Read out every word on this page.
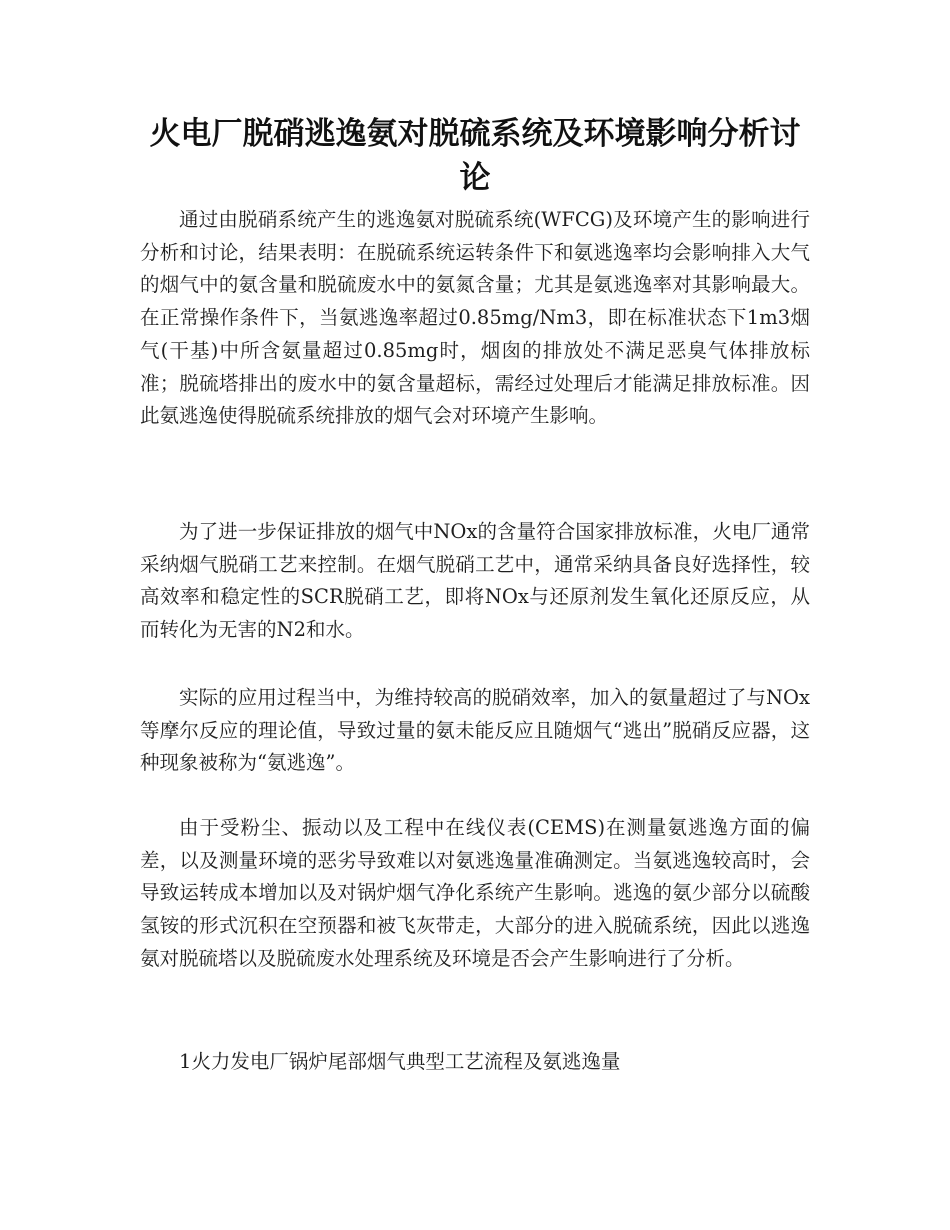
火电厂脱硝逃逸氨对脱硫系统及环境影响分析讨论

通过由脱硝系统产生的逃逸氨对脱硫系统(WFCG)及环境产生的影响进行分析和讨论，结果表明：在脱硫系统运转条件下和氨逃逸率均会影响排入大气的烟气中的氨含量和脱硫废水中的氨氮含量；尤其是氨逃逸率对其影响最大。在正常操作条件下，当氨逃逸率超过0.85mg/Nm3，即在标准状态下1m3烟气(干基)中所含氨量超过0.85mg时，烟囱的排放处不满足恶臭气体排放标准；脱硫塔排出的废水中的氨含量超标，需经过处理后才能满足排放标准。因此氨逃逸使得脱硫系统排放的烟气会对环境产生影响。

为了进一步保证排放的烟气中NOx的含量符合国家排放标准，火电厂通常采纳烟气脱硝工艺来控制。在烟气脱硝工艺中，通常采纳具备良好选择性，较高效率和稳定性的SCR脱硝工艺，即将NOx与还原剂发生氧化还原反应，从而转化为无害的N2和水。

实际的应用过程当中，为维持较高的脱硝效率，加入的氨量超过了与NOx等摩尔反应的理论值，导致过量的氨未能反应且随烟气“逃出”脱硝反应器，这种现象被称为“氨逃逸”。

由于受粉尘、振动以及工程中在线仪表(CEMS)在测量氨逃逸方面的偏差，以及测量环境的恶劣导致难以对氨逃逸量准确测定。当氨逃逸较高时，会导致运转成本增加以及对锅炉烟气净化系统产生影响。逃逸的氨少部分以硫酸氢铵的形式沉积在空预器和被飞灰带走，大部分的进入脱硫系统，因此以逃逸氨对脱硫塔以及脱硫废水处理系统及环境是否会产生影响进行了分析。

1火力发电厂锅炉尾部烟气典型工艺流程及氨逃逸量
